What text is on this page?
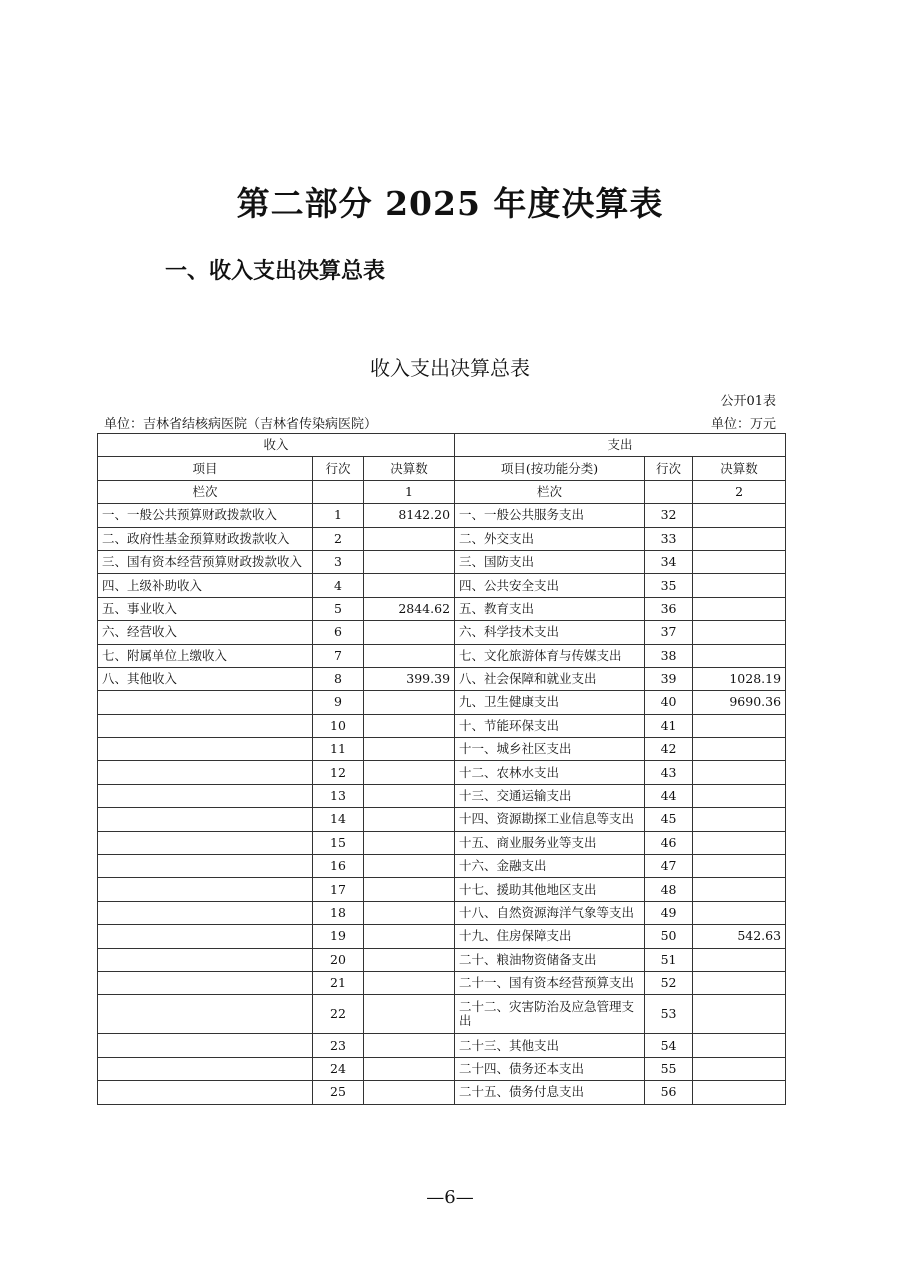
第二部分 2025 年度决算表
一、收入支出决算总表
收入支出决算总表
公开01表
单位：吉林省结核病医院（吉林省传染病医院）	单位：万元
收入			支出		
项目	行次	决算数	项目(按功能分类)	行次	决算数
栏次		1	栏次		2
一、一般公共预算财政拨款收入	1	8142.20	一、一般公共服务支出	32	
二、政府性基金预算财政拨款收入	2		二、外交支出	33	
三、国有资本经营预算财政拨款收入	3		三、国防支出	34	
四、上级补助收入	4		四、公共安全支出	35	
五、事业收入	5	2844.62	五、教育支出	36	
六、经营收入	6		六、科学技术支出	37	
七、附属单位上缴收入	7		七、文化旅游体育与传媒支出	38	
八、其他收入	8	399.39	八、社会保障和就业支出	39	1028.19
	9		九、卫生健康支出	40	9690.36
	10		十、节能环保支出	41	
	11		十一、城乡社区支出	42	
	12		十二、农林水支出	43	
	13		十三、交通运输支出	44	
	14		十四、资源勘探工业信息等支出	45	
	15		十五、商业服务业等支出	46	
	16		十六、金融支出	47	
	17		十七、援助其他地区支出	48	
	18		十八、自然资源海洋气象等支出	49	
	19		十九、住房保障支出	50	542.63
	20		二十、粮油物资储备支出	51	
	21		二十一、国有资本经营预算支出	52	
	22		二十二、灾害防治及应急管理支出	53	
	23		二十三、其他支出	54	
	24		二十四、债务还本支出	55	
	25		二十五、债务付息支出	56	
—6—
